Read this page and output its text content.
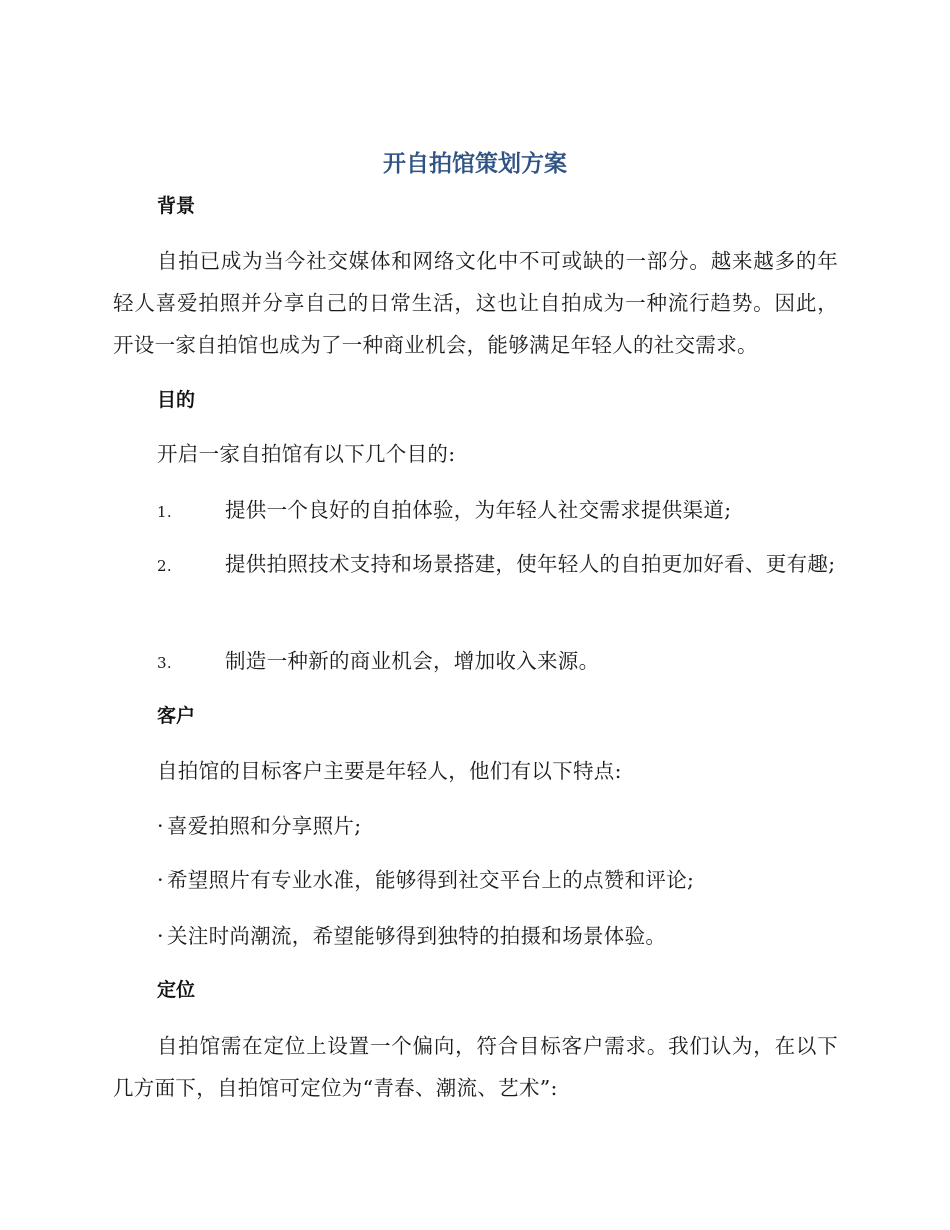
开自拍馆策划方案
背景
自拍已成为当今社交媒体和网络文化中不可或缺的一部分。越来越多的年轻人喜爱拍照并分享自己的日常生活，这也让自拍成为一种流行趋势。因此，开设一家自拍馆也成为了一种商业机会，能够满足年轻人的社交需求。
目的
开启一家自拍馆有以下几个目的:
1.	提供一个良好的自拍体验，为年轻人社交需求提供渠道;
2.	提供拍照技术支持和场景搭建，使年轻人的自拍更加好看、更有趣;
3.	制造一种新的商业机会，增加收入来源。
客户
自拍馆的目标客户主要是年轻人，他们有以下特点:
· 喜爱拍照和分享照片;
· 希望照片有专业水准，能够得到社交平台上的点赞和评论;
· 关注时尚潮流，希望能够得到独特的拍摄和场景体验。
定位
自拍馆需在定位上设置一个偏向，符合目标客户需求。我们认为，在以下几方面下，自拍馆可定位为“青春、潮流、艺术”:
